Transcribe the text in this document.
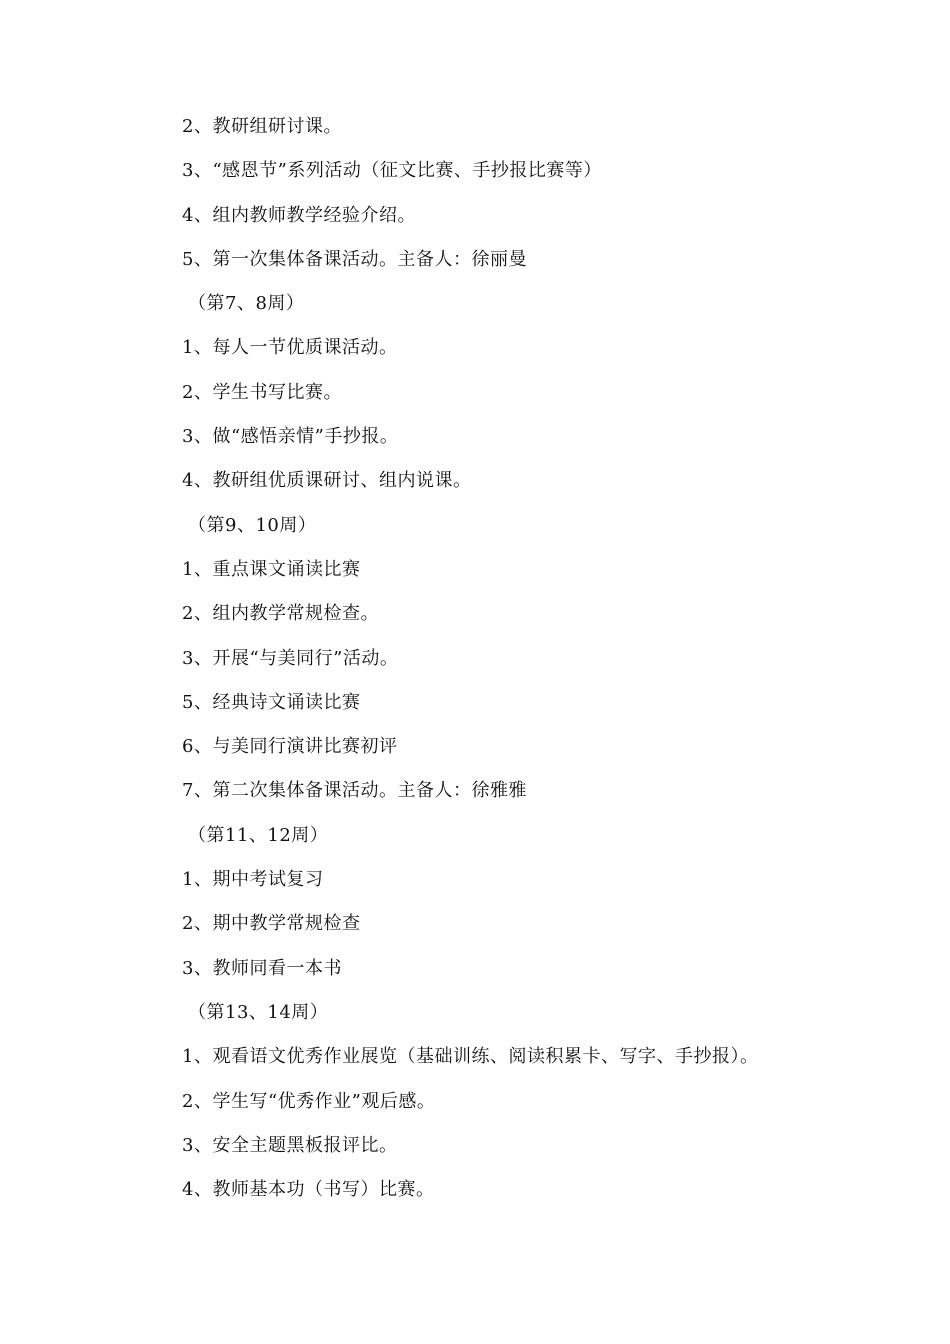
2、教研组研讨课。
3、“感恩节”系列活动（征文比赛、手抄报比赛等）
4、组内教师教学经验介绍。
5、第一次集体备课活动。主备人：徐丽曼
（第7、8周）
1、每人一节优质课活动。
2、学生书写比赛。
3、做“感悟亲情”手抄报。
4、教研组优质课研讨、组内说课。
（第9、10周）
1、重点课文诵读比赛
2、组内教学常规检查。
3、开展“与美同行”活动。
5、经典诗文诵读比赛
6、与美同行演讲比赛初评
7、第二次集体备课活动。主备人：徐雅雅
（第11、12周）
1、期中考试复习
2、期中教学常规检查
3、教师同看一本书
（第13、14周）
1、观看语文优秀作业展览（基础训练、阅读积累卡、写字、手抄报）。
2、学生写“优秀作业”观后感。
3、安全主题黑板报评比。
4、教师基本功（书写）比赛。
